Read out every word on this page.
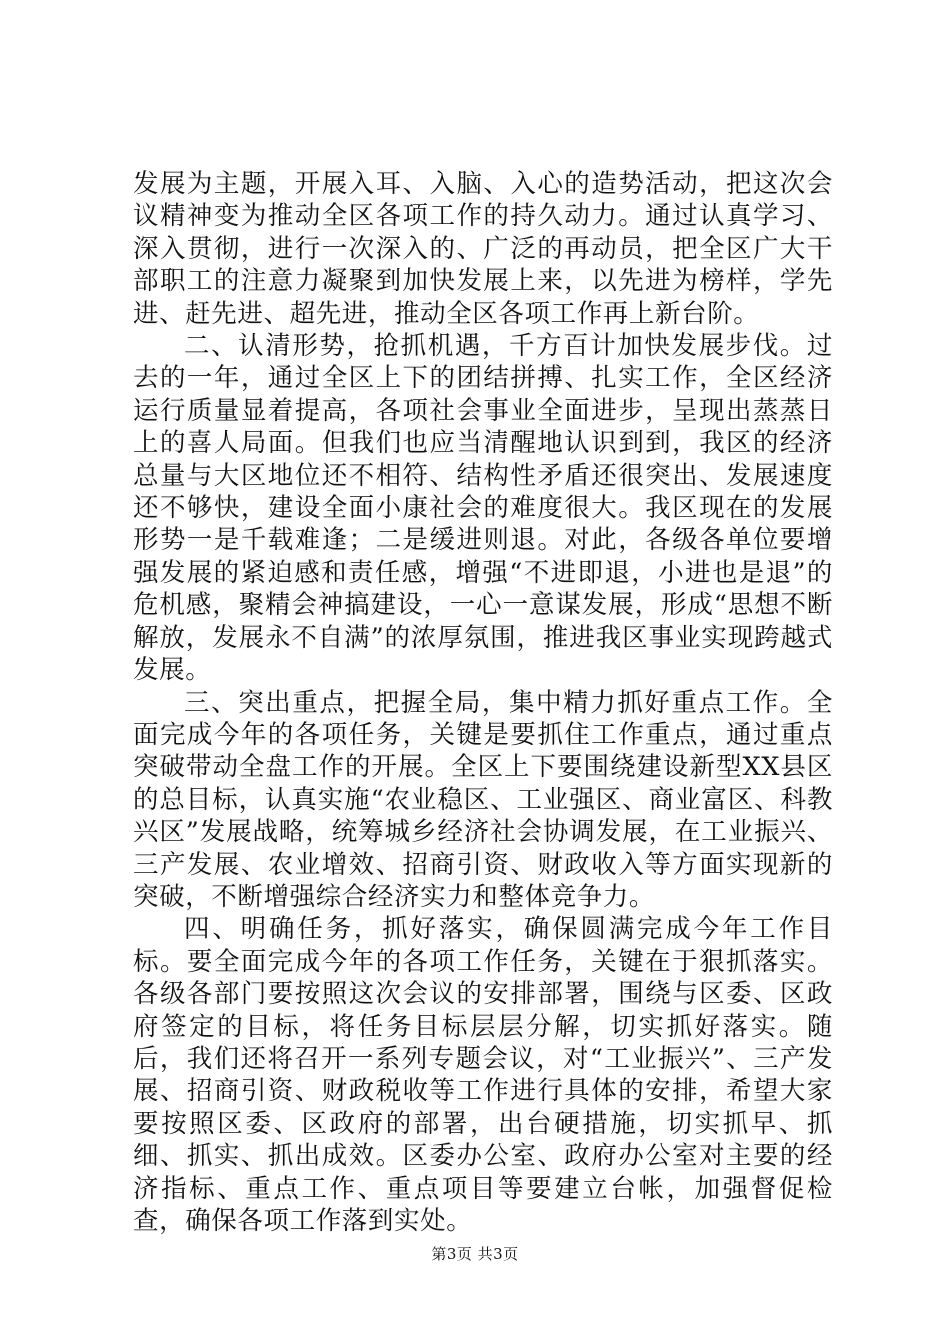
发展为主题，开展入耳、入脑、入心的造势活动，把这次会议精神变为推动全区各项工作的持久动力。通过认真学习、深入贯彻，进行一次深入的、广泛的再动员，把全区广大干部职工的注意力凝聚到加快发展上来，以先进为榜样，学先进、赶先进、超先进，推动全区各项工作再上新台阶。

二、认清形势，抢抓机遇，千方百计加快发展步伐。过去的一年，通过全区上下的团结拼搏、扎实工作，全区经济运行质量显着提高，各项社会事业全面进步，呈现出蒸蒸日上的喜人局面。但我们也应当清醒地认识到到，我区的经济总量与大区地位还不相符、结构性矛盾还很突出、发展速度还不够快，建设全面小康社会的难度很大。我区现在的发展形势一是千载难逢；二是缓进则退。对此，各级各单位要增强发展的紧迫感和责任感，增强“不进即退，小进也是退”的危机感，聚精会神搞建设，一心一意谋发展，形成“思想不断解放，发展永不自满”的浓厚氛围，推进我区事业实现跨越式发展。

三、突出重点，把握全局，集中精力抓好重点工作。全面完成今年的各项任务，关键是要抓住工作重点，通过重点突破带动全盘工作的开展。全区上下要围绕建设新型XX县区的总目标，认真实施“农业稳区、工业强区、商业富区、科教兴区”发展战略，统筹城乡经济社会协调发展，在工业振兴、三产发展、农业增效、招商引资、财政收入等方面实现新的突破，不断增强综合经济实力和整体竞争力。

四、明确任务，抓好落实，确保圆满完成今年工作目标。要全面完成今年的各项工作任务，关键在于狠抓落实。各级各部门要按照这次会议的安排部署，围绕与区委、区政府签定的目标，将任务目标层层分解，切实抓好落实。随后，我们还将召开一系列专题会议，对“工业振兴”、三产发展、招商引资、财政税收等工作进行具体的安排，希望大家要按照区委、区政府的部署，出台硬措施，切实抓早、抓细、抓实、抓出成效。区委办公室、政府办公室对主要的经济指标、重点工作、重点项目等要建立台帐，加强督促检查，确保各项工作落到实处。

第3页 共3页
